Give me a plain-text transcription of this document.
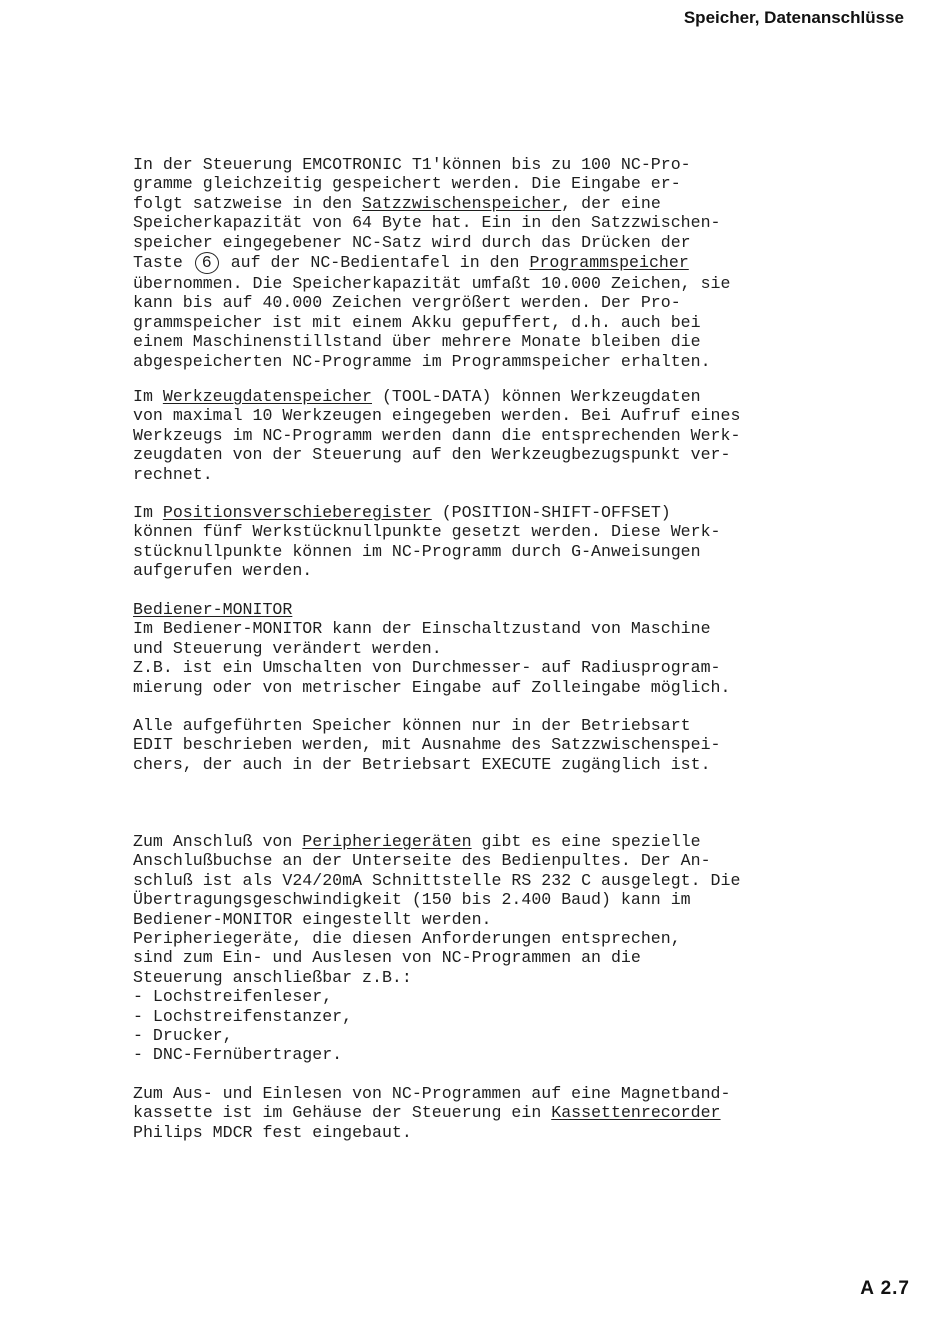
Speicher, Datenanschlüsse
In der Steuerung EMCOTRONIC T1'können bis zu 100 NC-Pro-
gramme gleichzeitig gespeichert werden. Die Eingabe er-
folgt satzweise in den Satzzwischenspeicher, der eine
Speicherkapazität von 64 Byte hat. Ein in den Satzzwischen-
speicher eingegebener NC-Satz wird durch das Drücken der
Taste 6 auf der NC-Bedientafel in den Programmspeicher
übernommen. Die Speicherkapazität umfaßt 10.000 Zeichen, sie
kann bis auf 40.000 Zeichen vergrößert werden. Der Pro-
grammspeicher ist mit einem Akku gepuffert, d.h. auch bei
einem Maschinenstillstand über mehrere Monate bleiben die
abgespeicherten NC-Programme im Programmspeicher erhalten.
Im Werkzeugdatenspeicher (TOOL-DATA) können Werkzeugdaten
von maximal 10 Werkzeugen eingegeben werden. Bei Aufruf eines
Werkzeugs im NC-Programm werden dann die entsprechenden Werk-
zeugdaten von der Steuerung auf den Werkzeugbezugspunkt ver-
rechnet.
Im Positionsverschieberegister (POSITION-SHIFT-OFFSET)
können fünf Werkstücknullpunkte gesetzt werden. Diese Werk-
stücknullpunkte können im NC-Programm durch G-Anweisungen
aufgerufen werden.
Bediener-MONITOR
Im Bediener-MONITOR kann der Einschaltzustand von Maschine
und Steuerung verändert werden.
Z.B. ist ein Umschalten von Durchmesser- auf Radiusprogram-
mierung oder von metrischer Eingabe auf Zolleingabe möglich.
Alle aufgeführten Speicher können nur in der Betriebsart
EDIT beschrieben werden, mit Ausnahme des Satzzwischenspei-
chers, der auch in der Betriebsart EXECUTE zugänglich ist.
Zum Anschluß von Peripheriegeräten gibt es eine spezielle
Anschlußbuchse an der Unterseite des Bedienpultes. Der An-
schluß ist als V24/20mA Schnittstelle RS 232 C ausgelegt. Die
Übertragungsgeschwindigkeit (150 bis 2.400 Baud) kann im
Bediener-MONITOR eingestellt werden.
Peripheriegeräte, die diesen Anforderungen entsprechen,
sind zum Ein- und Auslesen von NC-Programmen an die
Steuerung anschließbar z.B.:
- Lochstreifenleser,
- Lochstreifenstanzer,
- Drucker,
- DNC-Fernübertrager.
Zum Aus- und Einlesen von NC-Programmen auf eine Magnetband-
kassette ist im Gehäuse der Steuerung ein Kassettenrecorder
Philips MDCR fest eingebaut.
A 2.7
